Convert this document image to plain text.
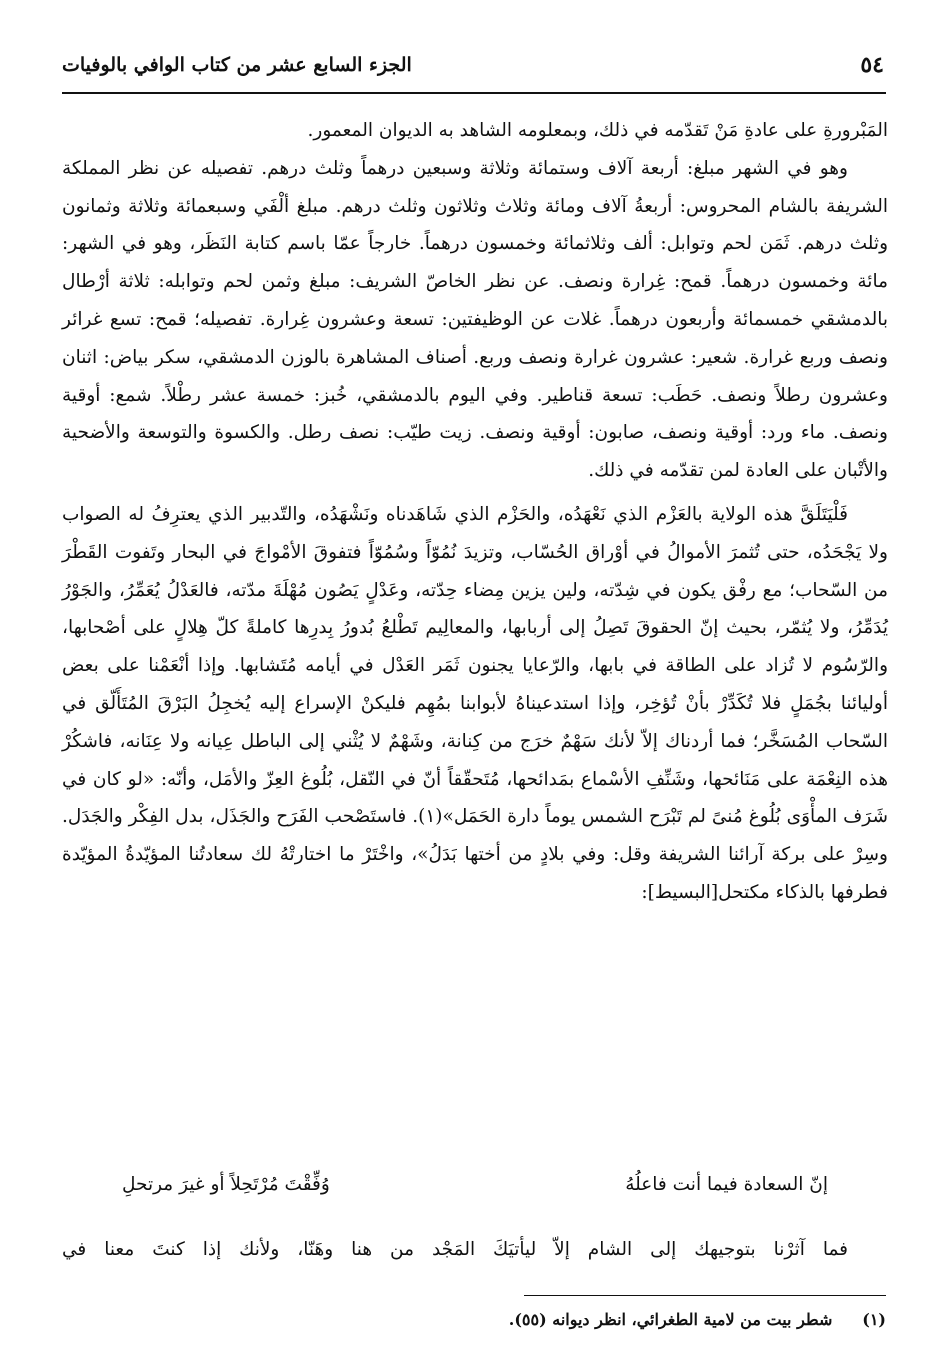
٥٤
الجزء السابع عشر من كتاب الوافي بالوفيات

المَبْرورةِ على عادةِ مَنْ تَقدّمه في ذلك، وبمعلومه الشاهد به الديوان المعمور.

وهو في الشهر مبلغ: أربعة آلاف وستمائة وثلاثة وسبعين درهماً وثلث درهم. تفصيله عن نظر المملكة الشريفة بالشام المحروس: أربعةُ آلاف ومائة وثلاث وثلاثون وثلث درهم. مبلغ ألْفَي وسبعمائة وثلاثة وثمانون وثلث درهم. ثَمَن لحم وتوابل: ألف وثلاثمائة وخمسون درهماً. خارجاً عمّا باسم كتابة النَظَر، وهو في الشهر: مائة وخمسون درهماً. قمح: غِرارة ونصف. عن نظر الخاصّ الشريف: مبلغ وثمن لحم وتوابله: ثلاثة أرْطال بالدمشقي خمسمائة وأربعون درهماً. غلات عن الوظيفتين: تسعة وعشرون غِرارة. تفصيله؛ قمح: تسع غرائر ونصف وربع غرارة. شعير: عشرون غرارة ونصف وربع. أصناف المشاهرة بالوزن الدمشقي، سكر بياض: اثنان وعشرون رطلاً ونصف. حَطَب: تسعة قناطير. وفي اليوم بالدمشقي، خُبز: خمسة عشر رطْلاً. شمع: أوقية ونصف. ماء ورد: أوقية ونصف، صابون: أوقية ونصف. زيت طيّب: نصف رطل. والكسوة والتوسعة والأضحية والأتْبان على العادة لمن تقدّمه في ذلك.

فَلْيَتَلَقَّ هذه الولاية بالعَزْم الذي نَعْهَدُه، والحَزْم الذي شَاهَدناه ونَشْهَدُه، والتّدبير الذي يعترِفُ له الصواب ولا يَجْحَدُه، حتى تُثمرَ الأموالُ في أوْراق الحُسّاب، وتزيدَ نُمُوّاً وسُمُوّاً فتفوقَ الأمْواجَ في البحار وتَفوت القَطْرَ من السّحاب؛ مع رفْق يكون في شِدّته، ولين يزين مِضاء حِدّته، وعَدْلٍ يَصُون مُهْلَةَ مدّته، فالعَدْلُ يُعَمِّرُ، والجَوْرُ يُدَمِّرُ، ولا يُثمّر، بحيث إنّ الحقوقَ تَصِلُ إلى أربابها، والمعالِيم تَطْلعُ بُدورُ بِدرِها كاملةً كلّ هِلالٍ على أصْحابها، والرّسُوم لا تُزاد على الطاقة في بابها، والرّعايا يجنون ثَمَر العَدْل في أيامه مُتَشابها. وإذا أنْعَمْنا على بعض أوليائنا بجُمَلٍ فلا تُكَدِّرْ بأنْ تُؤخِر، وإذا استدعيناهُ لأبوابنا بمُهِم فليكنْ الإسراع إليه يُخجِلُ البَرْقَ المُتَأَلّق في السّحاب المُسَخَّر؛ فما أردناك إلاّ لأنك سَهْمٌ خرَج من كِنانة، وشَهْمٌ لا يُثْني إلى الباطل عِيانه ولا عِنَانه، فاشكُرْ هذه النِعْمَة على مَنَائحها، وشَنِّفِ الأسْماع بمَدائحها، مُتَحقّقاً أنّ في النّقل، بُلُوغ العِزّ والأمَل، وأنّه: «لو كان في شَرَف المأْوَى بُلُوغ مُنىً لم تَبْرَح الشمس يوماً دارة الحَمَل»(١). فاستَصْحب الفَرَح والجَذَل، بدل الفِكْر والجَدَل. وسِرْ على بركة آرائنا الشريفة وقل: وفي بلادٍ من أختها بَدَلُ»، واخْتَرْ ما اختارتْهُ لك سعادتُنا المؤيّدةُ المؤيّدة فطرفها بالذكاء مكتحل[البسيط]:

إنّ السعادة فيما أنت فاعلُهُ
وُفِّقْتَ مُرْتَحِلاً أو غيرَ مرتحلِ

فما آثرْنا بتوجيهك إلى الشام إلاّ ليأتيَكَ المَجْد من هنا وهَنّا، ولأنك إذا كنتَ معنا في

(١) شطر بيت من لامية الطغرائي، انظر ديوانه (٥٥).
